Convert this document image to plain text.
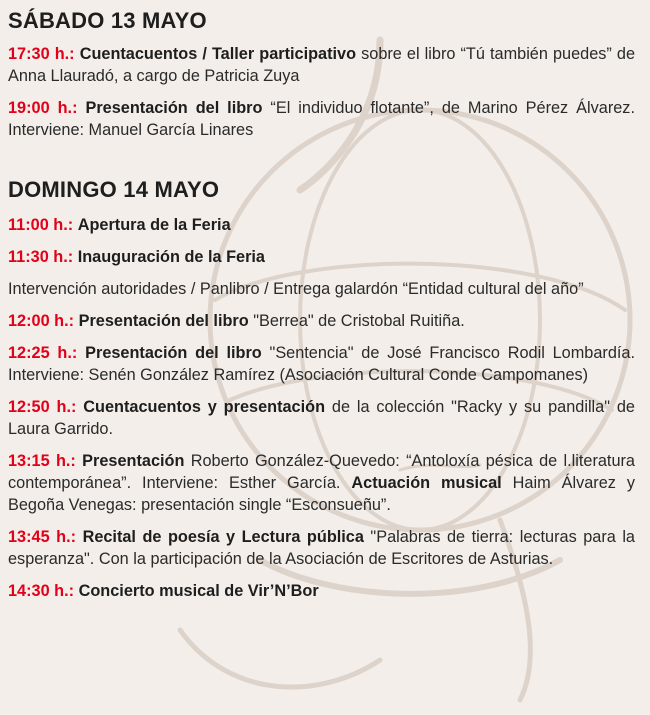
SÁBADO 13 MAYO

17:30 h.: Cuentacuentos / Taller participativo sobre el libro “Tú también puedes” de Anna Llauradó, a cargo de Patricia Zuya

19:00 h.: Presentación del libro “El individuo flotante”, de Marino Pérez Álvarez. Interviene: Manuel García Linares

DOMINGO 14 MAYO

11:00 h.: Apertura de la Feria

11:30 h.: Inauguración de la Feria

Intervención autoridades / Panlibro / Entrega galardón “Entidad cultural del año”

12:00 h.: Presentación del libro "Berrea" de Cristobal Ruitiña.

12:25 h.: Presentación del libro "Sentencia" de José Francisco Rodil Lombardía. Interviene: Senén González Ramírez (Asociación Cultural Conde Campomanes)

12:50 h.: Cuentacuentos y presentación de la colección "Racky y su pandilla" de Laura Garrido.

13:15 h.: Presentación Roberto González-Quevedo: “Antoloxía pésica de l.literatura contemporánea”. Interviene: Esther García. Actuación musical Haim Álvarez y Begoña Venegas: presentación single “Esconsueñu”.

13:45 h.: Recital de poesía y Lectura pública "Palabras de tierra: lecturas para la esperanza". Con la participación de la Asociación de Escritores de Asturias.

14:30 h.: Concierto musical de Vir’N’Bor
